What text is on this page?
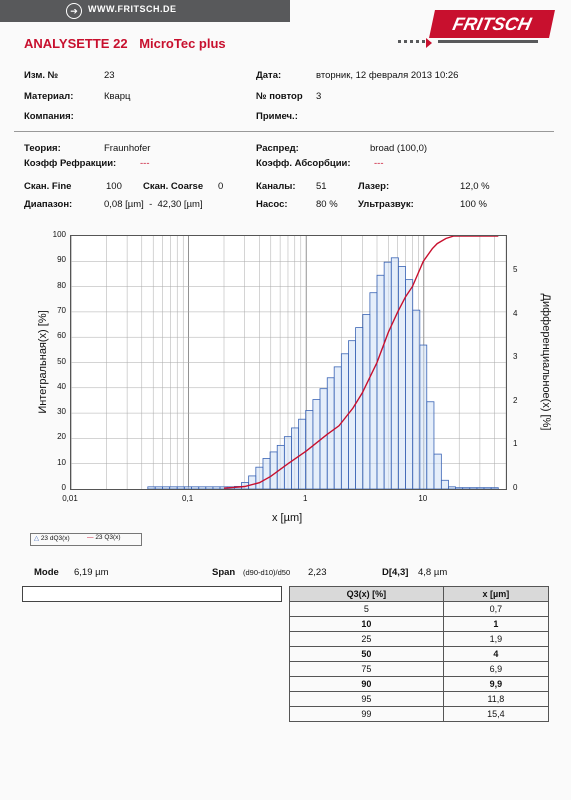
➔	WWW.FRITSCH.DE
ANALYSETTE 22 MicroTec plus
FRITSCH
Изм. №	23	Дата:	вторник, 12 февраля 2013 10:26
Материал:	Кварц	№ повтор 3
Компания:	Примеч.:
Теория:	Fraunhofer	Распред:	broad (100,0)
Коэфф Рефракции:	---	Коэфф. Абсорбции: ---
Скан. Fine	100 Скан. Coarse 0	Каналы: 51	Лазер:	12,0 %
Диапазон:	0,08 [µm]  -  42,30 [µm]	Насос:	80 % Ультразвук:	100 %
0
10
20
30
40
50
60
70
80
90
100
0
1
2
3
4
5
0,01	0,1	1	10
Интегральная(x) [%]	Дифференциальное(x) [%]
x [µm]
△ 23 dQ3(x)	— 23 Q3(x)
Mode 6,19 µm	Span (d90-d10)/d50 2,23	D[4,3] 4,8 µm
Q3(x) [%]	x [µm]
5	0,7
10	1
25	1,9
50	4
75	6,9
90	9,9
95	11,8
99	15,4
